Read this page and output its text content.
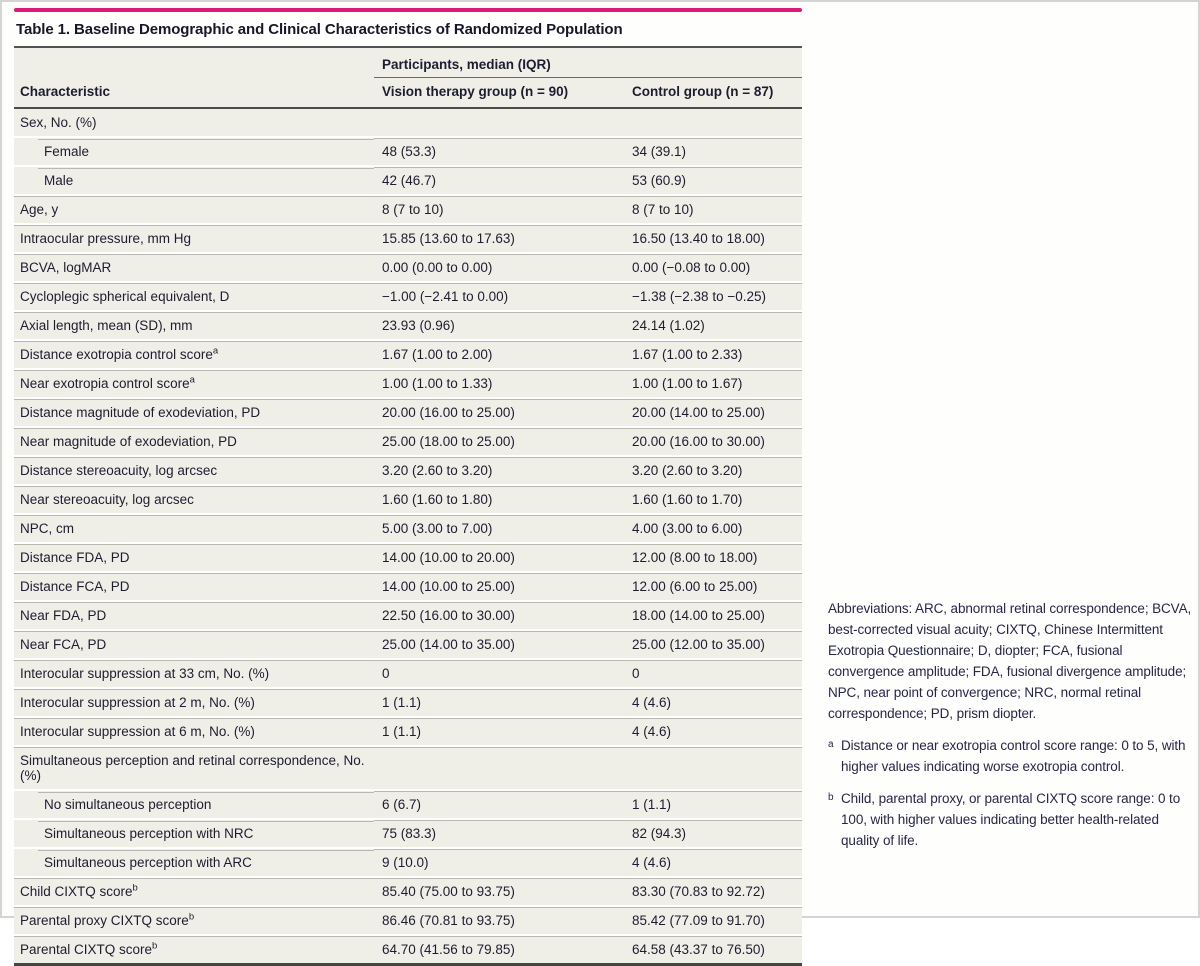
Table 1. Baseline Demographic and Clinical Characteristics of Randomized Population
	Participants, median (IQR)	
Characteristic	Vision therapy group (n = 90)	Control group (n = 87)
Sex, No. (%)		
Female	48 (53.3)	34 (39.1)
Male	42 (46.7)	53 (60.9)
Age, y	8 (7 to 10)	8 (7 to 10)
Intraocular pressure, mm Hg	15.85 (13.60 to 17.63)	16.50 (13.40 to 18.00)
BCVA, logMAR	0.00 (0.00 to 0.00)	0.00 (−0.08 to 0.00)
Cycloplegic spherical equivalent, D	−1.00 (−2.41 to 0.00)	−1.38 (−2.38 to −0.25)
Axial length, mean (SD), mm	23.93 (0.96)	24.14 (1.02)
Distance exotropia control score$^a$	1.67 (1.00 to 2.00)	1.67 (1.00 to 2.33)
Near exotropia control score$^a$	1.00 (1.00 to 1.33)	1.00 (1.00 to 1.67)
Distance magnitude of exodeviation, PD	20.00 (16.00 to 25.00)	20.00 (14.00 to 25.00)
Near magnitude of exodeviation, PD	25.00 (18.00 to 25.00)	20.00 (16.00 to 30.00)
Distance stereoacuity, log arcsec	3.20 (2.60 to 3.20)	3.20 (2.60 to 3.20)
Near stereoacuity, log arcsec	1.60 (1.60 to 1.80)	1.60 (1.60 to 1.70)
NPC, cm	5.00 (3.00 to 7.00)	4.00 (3.00 to 6.00)
Distance FDA, PD	14.00 (10.00 to 20.00)	12.00 (8.00 to 18.00)
Distance FCA, PD	14.00 (10.00 to 25.00)	12.00 (6.00 to 25.00)
Near FDA, PD	22.50 (16.00 to 30.00)	18.00 (14.00 to 25.00)
Near FCA, PD	25.00 (14.00 to 35.00)	25.00 (12.00 to 35.00)
Interocular suppression at 33 cm, No. (%)	0	0
Interocular suppression at 2 m, No. (%)	1 (1.1)	4 (4.6)
Interocular suppression at 6 m, No. (%)	1 (1.1)	4 (4.6)
Simultaneous perception and retinal correspondence, No. (%)		
No simultaneous perception	6 (6.7)	1 (1.1)
Simultaneous perception with NRC	75 (83.3)	82 (94.3)
Simultaneous perception with ARC	9 (10.0)	4 (4.6)
Child CIXTQ score$^b$	85.40 (75.00 to 93.75)	83.30 (70.83 to 92.72)
Parental proxy CIXTQ score$^b$	86.46 (70.81 to 93.75)	85.42 (77.09 to 91.70)
Parental CIXTQ score$^b$	64.70 (41.56 to 79.85)	64.58 (43.37 to 76.50)
Abbreviations: ARC, abnormal retinal correspondence; BCVA, best-corrected visual acuity; CIXTQ, Chinese Intermittent Exotropia Questionnaire; D, diopter; FCA, fusional convergence amplitude; FDA, fusional divergence amplitude; NPC, near point of convergence; NRC, normal retinal correspondence; PD, prism diopter.
a Distance or near exotropia control score range: 0 to 5, with higher values indicating worse exotropia control.
b Child, parental proxy, or parental CIXTQ score range: 0 to 100, with higher values indicating better health-related quality of life.
